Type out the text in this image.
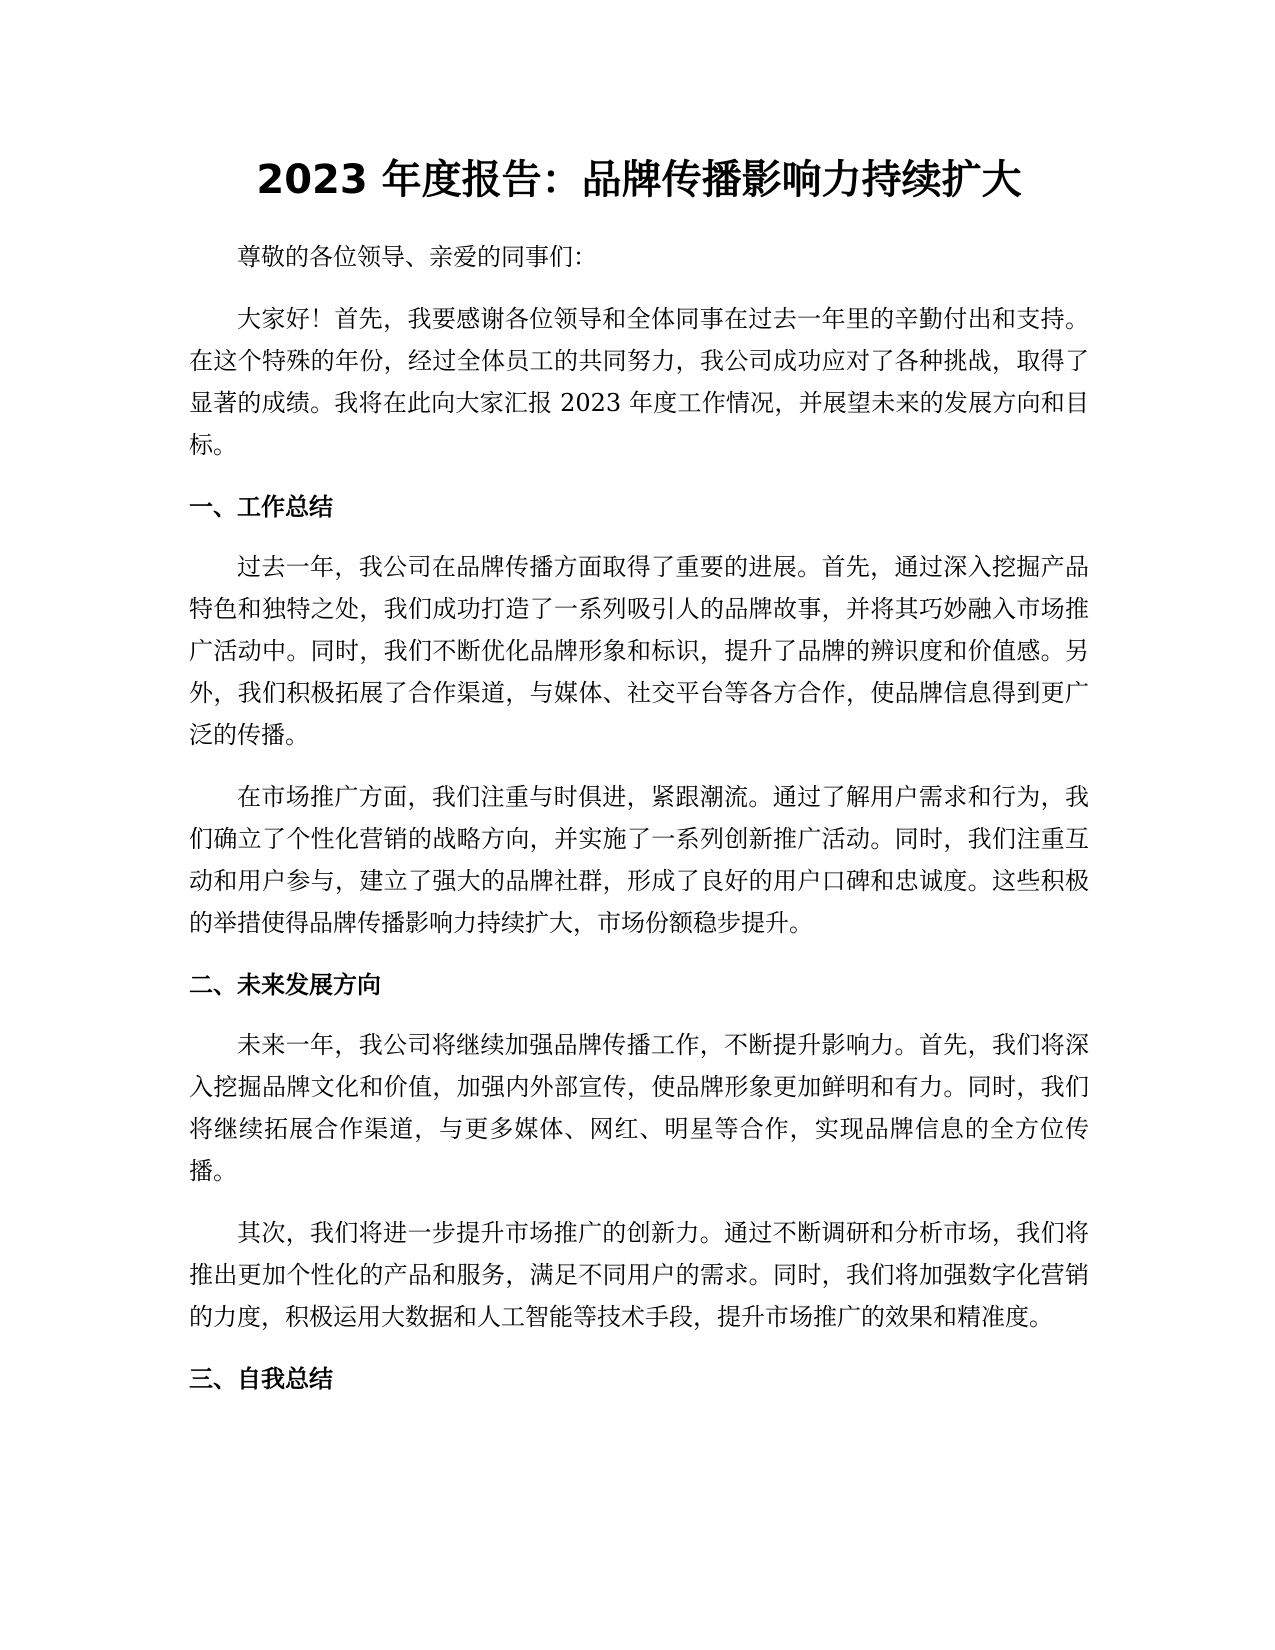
2023 年度报告：品牌传播影响力持续扩大

尊敬的各位领导、亲爱的同事们：

大家好！首先，我要感谢各位领导和全体同事在过去一年里的辛勤付出和支持。在这个特殊的年份，经过全体员工的共同努力，我公司成功应对了各种挑战，取得了显著的成绩。我将在此向大家汇报 2023 年度工作情况，并展望未来的发展方向和目标。

一、工作总结

过去一年，我公司在品牌传播方面取得了重要的进展。首先，通过深入挖掘产品特色和独特之处，我们成功打造了一系列吸引人的品牌故事，并将其巧妙融入市场推广活动中。同时，我们不断优化品牌形象和标识，提升了品牌的辨识度和价值感。另外，我们积极拓展了合作渠道，与媒体、社交平台等各方合作，使品牌信息得到更广泛的传播。

在市场推广方面，我们注重与时俱进，紧跟潮流。通过了解用户需求和行为，我们确立了个性化营销的战略方向，并实施了一系列创新推广活动。同时，我们注重互动和用户参与，建立了强大的品牌社群，形成了良好的用户口碑和忠诚度。这些积极的举措使得品牌传播影响力持续扩大，市场份额稳步提升。

二、未来发展方向

未来一年，我公司将继续加强品牌传播工作，不断提升影响力。首先，我们将深入挖掘品牌文化和价值，加强内外部宣传，使品牌形象更加鲜明和有力。同时，我们将继续拓展合作渠道，与更多媒体、网红、明星等合作，实现品牌信息的全方位传播。

其次，我们将进一步提升市场推广的创新力。通过不断调研和分析市场，我们将推出更加个性化的产品和服务，满足不同用户的需求。同时，我们将加强数字化营销的力度，积极运用大数据和人工智能等技术手段，提升市场推广的效果和精准度。

三、自我总结
